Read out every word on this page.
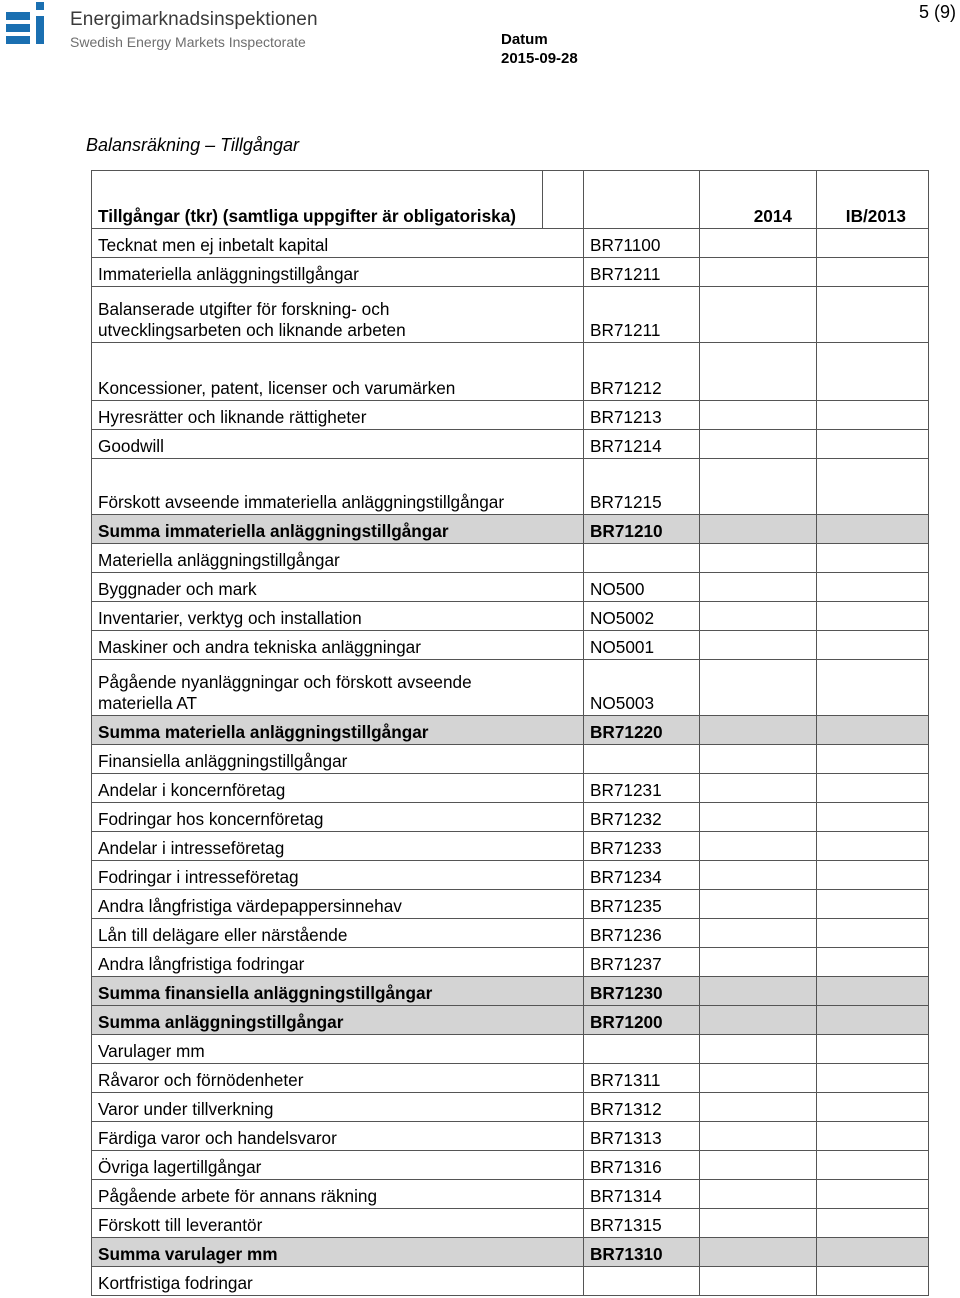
Energimarknadsinspektionen
Swedish Energy Markets Inspectorate	Datum
2015-09-28
5 (9)
Balansräkning – Tillgångar
Tillgångar (tkr) (samtliga uppgifter är obligatoriska)			2014	IB/2013
Tecknat men ej inbetalt kapital		BR71100		
Immateriella anläggningstillgångar		BR71211		
Balanserade utgifter för forskning- och utvecklingsarbeten och liknande arbeten		BR71211		
Koncessioner, patent, licenser och varumärken		BR71212		
Hyresrätter och liknande rättigheter		BR71213		
Goodwill		BR71214		
Förskott avseende immateriella anläggningstillgångar		BR71215		
Summa immateriella anläggningstillgångar		BR71210		
Materiella anläggningstillgångar				
Byggnader och mark		NO500		
Inventarier, verktyg och installation		NO5002		
Maskiner och andra tekniska anläggningar		NO5001		
Pågående nyanläggningar och förskott avseende materiella AT		NO5003		
Summa materiella anläggningstillgångar		BR71220		
Finansiella anläggningstillgångar				
Andelar i koncernföretag		BR71231		
Fodringar hos koncernföretag		BR71232		
Andelar i intresseföretag		BR71233		
Fodringar i intresseföretag		BR71234		
Andra långfristiga värdepappersinnehav		BR71235		
Lån till delägare eller närstående		BR71236		
Andra långfristiga fodringar		BR71237		
Summa finansiella anläggningstillgångar		BR71230		
Summa anläggningstillgångar		BR71200		
Varulager mm				
Råvaror och förnödenheter		BR71311		
Varor under tillverkning		BR71312		
Färdiga varor och handelsvaror		BR71313		
Övriga lagertillgångar		BR71316		
Pågående arbete för annans räkning		BR71314		
Förskott till leverantör		BR71315		
Summa varulager mm		BR71310		
Kortfristiga fodringar				
